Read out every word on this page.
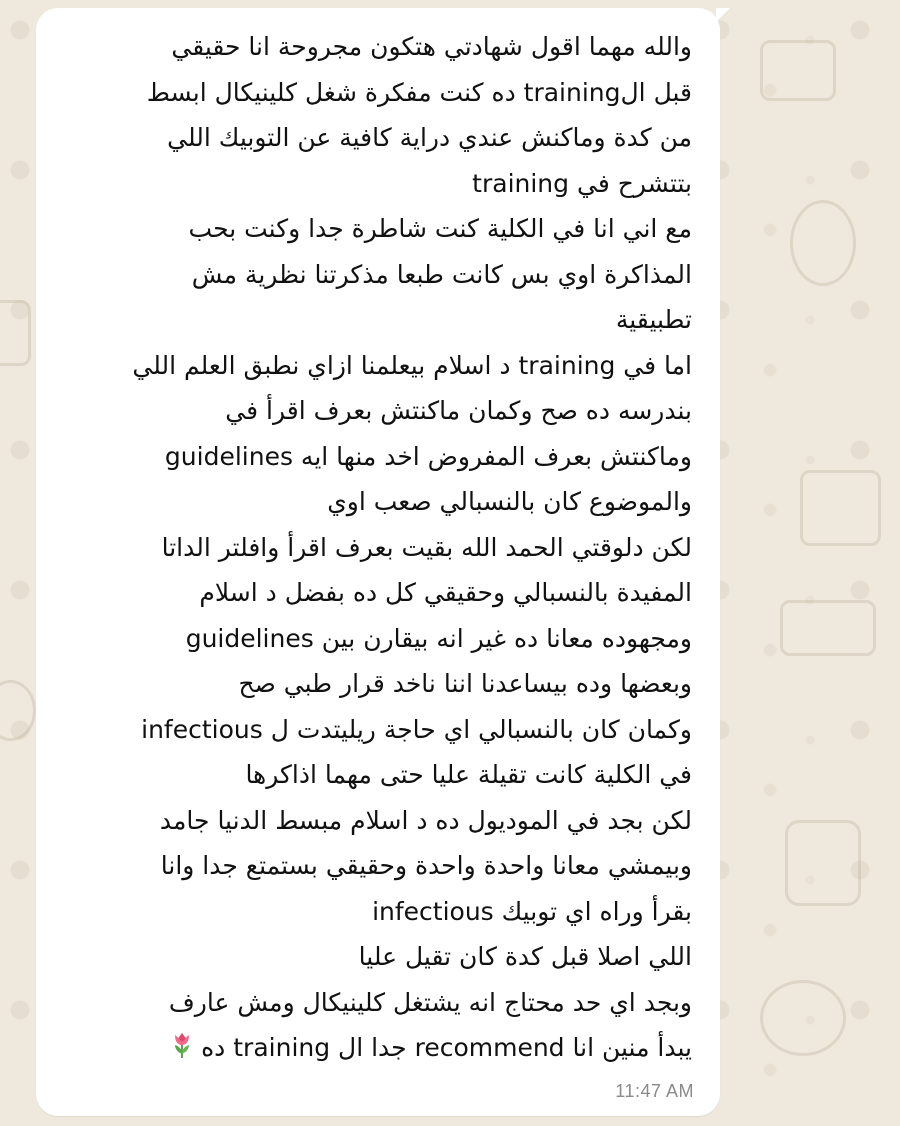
والله مهما اقول شهادتي هتكون مجروحة انا حقيقي
قبل الtraining ده كنت مفكرة شغل كلينيكال ابسط
من كدة وماكنش عندي دراية كافية عن التوبيك اللي
بتتشرح في training
مع اني انا في الكلية كنت شاطرة جدا وكنت بحب
المذاكرة اوي بس كانت طبعا مذكرتنا نظرية مش
تطبيقية
اما في training د اسلام بيعلمنا ازاي نطبق العلم اللي
بندرسه ده صح وكمان ماكنتش بعرف اقرأ في
guidelines وماكنتش بعرف المفروض اخد منها ايه
والموضوع كان بالنسبالي صعب اوي
لكن دلوقتي الحمد الله بقيت بعرف اقرأ وافلتر الداتا
المفيدة بالنسبالي وحقيقي كل ده بفضل د اسلام
ومجهوده معانا ده غير انه بيقارن بين guidelines
وبعضها وده بيساعدنا اننا ناخد قرار طبي صح
وكمان كان بالنسبالي اي حاجة ريليتدت ل infectious
في الكلية كانت تقيلة عليا حتى مهما اذاكرها
لكن بجد في الموديول ده د اسلام مبسط الدنيا جامد
وبيمشي معانا واحدة واحدة وحقيقي بستمتع جدا وانا
بقرأ وراه اي توبيك infectious
اللي اصلا قبل كدة كان تقيل عليا
وبجد اي حد محتاج انه يشتغل كلينيكال ومش عارف
يبدأ منين انا recommend جدا ال training ده
11:47 AM
